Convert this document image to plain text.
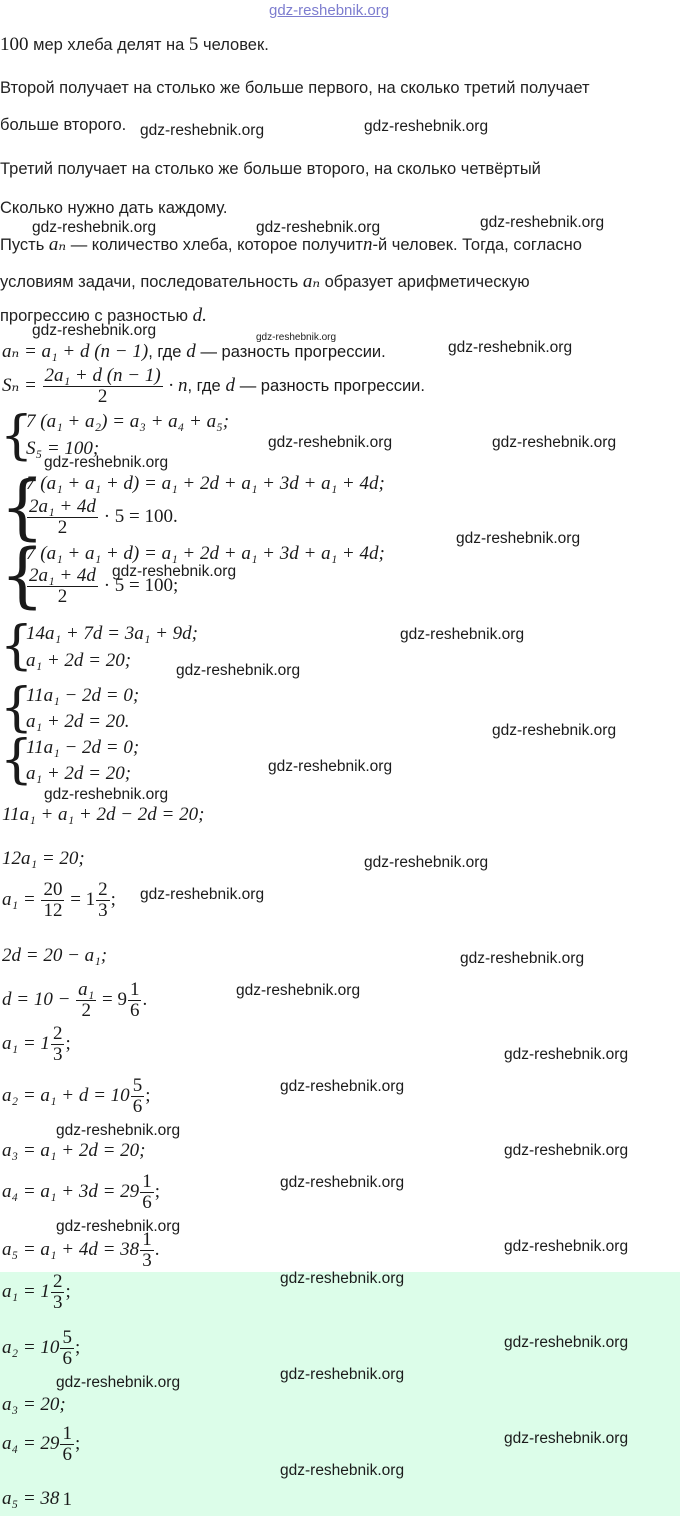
gdz-reshebnik.org
100 мер хлеба делят на 5 человек.
Второй получает на столько же больше первого, на сколько третий получает
больше второго.
Третий получает на столько же больше второго, на сколько четвёртый
Сколько нужно дать каждому.
Пусть aₙ — количество хлеба, которое получитn-й человек. Тогда, согласно
условиям задачи, последовательность aₙ образует арифметическую
прогрессию с разностью d.
aₙ = a₁ + d (n − 1), где d — разность прогрессии.
$S_n = \frac{\text{2a₁ + d (n − 1)}}{2} \cdot n$, где d — разность прогрессии.
{
7 (a₁ + a₂) = a₃ + a₄ + a₅;
S₅ = 100;
{
7 (a₁ + a₁ + d) = a₁ + 2d + a₁ + 3d + a₁ + 4d;
$\frac{\text{2a₁ + 4d}}{2} \cdot 5 = 100$.
{
7 (a₁ + a₁ + d) = a₁ + 2d + a₁ + 3d + a₁ + 4d;
$\frac{\text{2a₁ + 4d}}{2} \cdot 5 = 100$;
{
14a₁ + 7d = 3a₁ + 9d;
a₁ + 2d = 20;
{
11a₁ − 2d = 0;
a₁ + 2d = 20.
{
11a₁ − 2d = 0;
a₁ + 2d = 20;
11a₁ + a₁ + 2d − 2d = 20;
12a₁ = 20;
$a_1 = \frac{20}{12} = 1 \frac{2}{3}$ ;
2d = 20 − a₁;
$d = 10 - \frac{\text{a₁}}{2} = 9 \frac{1}{6}$ .
$a_1 = 1 \frac{2}{3}$ ;
$a_2 = a_1 + d = 10 \frac{5}{6}$ ;
a₃ = a₁ + 2d = 20;
$a_4 = a_1 + 3d = 29 \frac{1}{6}$ ;
$a_5 = a_1 + 4d = 38 \frac{1}{3}$ .
$a_1 = 1 \frac{2}{3}$ ;
$a_2 = 10 \frac{5}{6}$ ;
a₃ = 20;
$a_4 = 29 \frac{1}{6}$ ;
a₅ = 38 1
gdz-reshebnik.org	gdz-reshebnik.org
gdz-reshebnik.org	gdz-reshebnik.org	gdz-reshebnik.org
gdz-reshebnik.org	gdz-reshebnik.org
gdz-reshebnik.org
gdz-reshebnik.org	gdz-reshebnik.org
gdz-reshebnik.org
gdz-reshebnik.org
gdz-reshebnik.org
gdz-reshebnik.org
gdz-reshebnik.org
gdz-reshebnik.org
gdz-reshebnik.org
gdz-reshebnik.org
gdz-reshebnik.org
gdz-reshebnik.org
gdz-reshebnik.org
gdz-reshebnik.org
gdz-reshebnik.org
gdz-reshebnik.org
gdz-reshebnik.org
gdz-reshebnik.org
gdz-reshebnik.org
gdz-reshebnik.org
gdz-reshebnik.org
gdz-reshebnik.org
gdz-reshebnik.org
gdz-reshebnik.org
gdz-reshebnik.org
gdz-reshebnik.org
gdz-reshebnik.org
